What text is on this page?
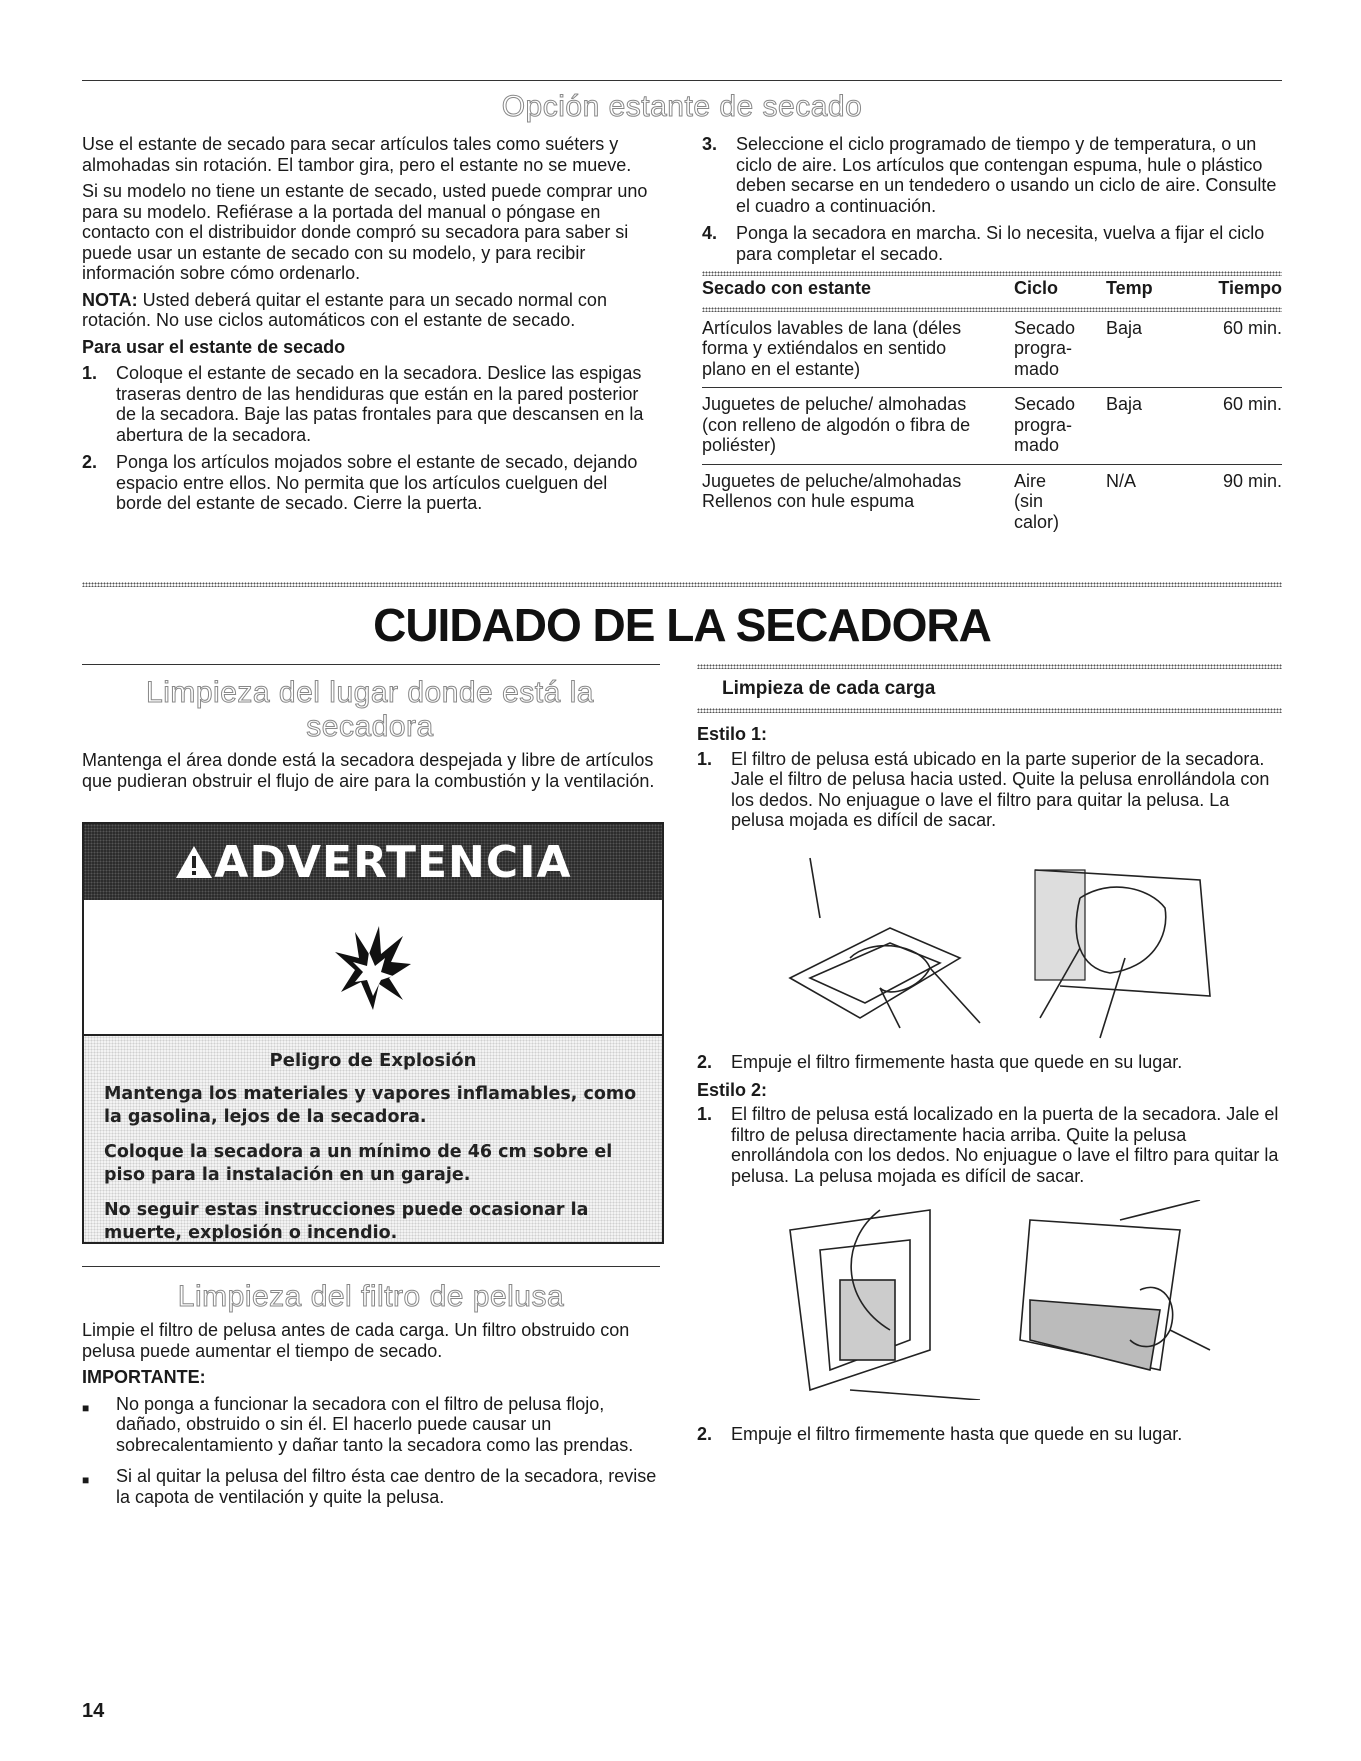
Opción estante de secado

Use el estante de secado para secar artículos tales como suéters y almohadas sin rotación. El tambor gira, pero el estante no se mueve.

Si su modelo no tiene un estante de secado, usted puede comprar uno para su modelo. Refiérase a la portada del manual o póngase en contacto con el distribuidor donde compró su secadora para saber si puede usar un estante de secado con su modelo, y para recibir información sobre cómo ordenarlo.

NOTA: Usted deberá quitar el estante para un secado normal con rotación. No use ciclos automáticos con el estante de secado.

Para usar el estante de secado

1. Coloque el estante de secado en la secadora. Deslice las espigas traseras dentro de las hendiduras que están en la pared posterior de la secadora. Baje las patas frontales para que descansen en la abertura de la secadora.
2. Ponga los artículos mojados sobre el estante de secado, dejando espacio entre ellos. No permita que los artículos cuelguen del borde del estante de secado. Cierre la puerta.
3. Seleccione el ciclo programado de tiempo y de temperatura, o un ciclo de aire. Los artículos que contengan espuma, hule o plástico deben secarse en un tendedero o usando un ciclo de aire. Consulte el cuadro a continuación.
4. Ponga la secadora en marcha. Si lo necesita, vuelva a fijar el ciclo para completar el secado.
Secado con estante	Ciclo	Temp	Tiempo

Artículos lavables de lana (déles forma y extiéndalos en sentido plano en el estante)	Secado progra-mado	Baja	60 min.
Juguetes de peluche/ almohadas (con relleno de algodón o fibra de poliéster)	Secado progra-mado	Baja	60 min.
Juguetes de peluche/almohadas Rellenos con hule espuma	Aire (sin calor)	N/A	90 min.
CUIDADO DE LA SECADORA
Limpieza del lugar donde está la secadora

Mantenga el área donde está la secadora despejada y libre de artículos que pudieran obstruir el flujo de aire para la combustión y la ventilación.

ADVERTENCIA
Peligro de Explosión

Mantenga los materiales y vapores inflamables, como la gasolina, lejos de la secadora.

Coloque la secadora a un mínimo de 46 cm sobre el piso para la instalación en un garaje.

No seguir estas instrucciones puede ocasionar la muerte, explosión o incendio.

Limpieza del filtro de pelusa

Limpie el filtro de pelusa antes de cada carga. Un filtro obstruido con pelusa puede aumentar el tiempo de secado.

IMPORTANTE:

■ No ponga a funcionar la secadora con el filtro de pelusa flojo, dañado, obstruido o sin él. El hacerlo puede causar un sobrecalentamiento y dañar tanto la secadora como las prendas.
■ Si al quitar la pelusa del filtro ésta cae dentro de la secadora, revise la capota de ventilación y quite la pelusa.
Limpieza de cada carga

Estilo 1:

1. El filtro de pelusa está ubicado en la parte superior de la secadora. Jale el filtro de pelusa hacia usted. Quite la pelusa enrollándola con los dedos. No enjuague o lave el filtro para quitar la pelusa. La pelusa mojada es difícil de sacar.
2. Empuje el filtro firmemente hasta que quede en su lugar.

Estilo 2:

1. El filtro de pelusa está localizado en la puerta de la secadora. Jale el filtro de pelusa directamente hacia arriba. Quite la pelusa enrollándola con los dedos. No enjuague o lave el filtro para quitar la pelusa. La pelusa mojada es difícil de sacar.
2. Empuje el filtro firmemente hasta que quede en su lugar.
14
